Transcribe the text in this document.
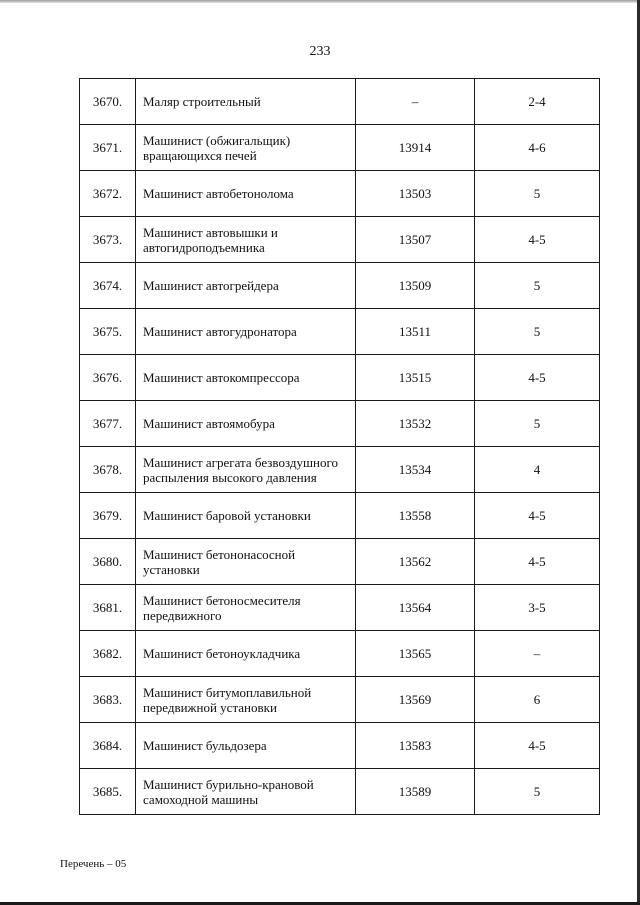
233
3670.	Маляр строительный	–	2-4
3671.	Машинист (обжигальщик) вращающихся печей	13914	4-6
3672.	Машинист автобетонолома	13503	5
3673.	Машинист автовышки и автогидроподъемника	13507	4-5
3674.	Машинист автогрейдера	13509	5
3675.	Машинист автогудронатора	13511	5
3676.	Машинист автокомпрессора	13515	4-5
3677.	Машинист автоямобура	13532	5
3678.	Машинист агрегата безвоздушного распыления высокого давления	13534	4
3679.	Машинист баровой установки	13558	4-5
3680.	Машинист бетононасосной установки	13562	4-5
3681.	Машинист бетоносмесителя передвижного	13564	3-5
3682.	Машинист бетоноукладчика	13565	–
3683.	Машинист битумоплавильной передвижной установки	13569	6
3684.	Машинист бульдозера	13583	4-5
3685.	Машинист бурильно-крановой самоходной машины	13589	5
Перечень – 05
